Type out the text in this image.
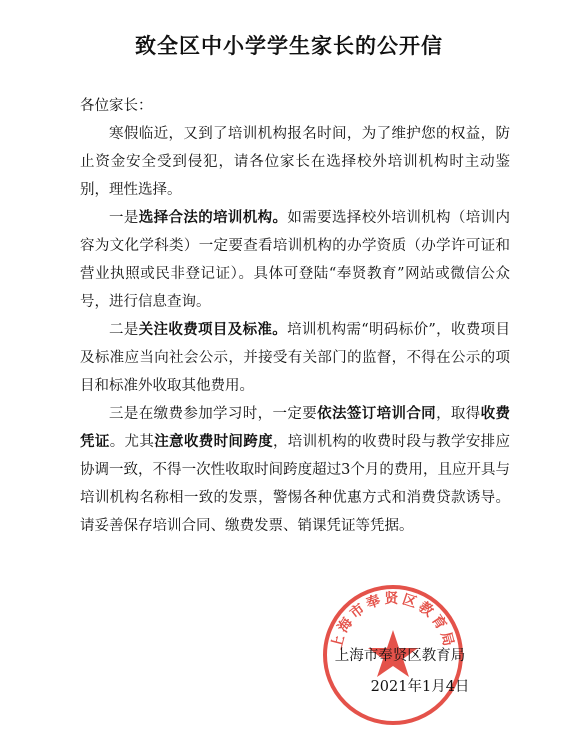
致全区中小学学生家长的公开信

各位家长：

寒假临近，又到了培训机构报名时间，为了维护您的权益，防止资金安全受到侵犯，请各位家长在选择校外培训机构时主动鉴别，理性选择。

一是选择合法的培训机构。如需要选择校外培训机构（培训内容为文化学科类）一定要查看培训机构的办学资质（办学许可证和营业执照或民非登记证）。具体可登陆“奉贤教育”网站或微信公众号，进行信息查询。

二是关注收费项目及标准。培训机构需“明码标价”，收费项目及标准应当向社会公示，并接受有关部门的监督，不得在公示的项目和标准外收取其他费用。

三是在缴费参加学习时，一定要依法签订培训合同，取得收费凭证。尤其注意收费时间跨度，培训机构的收费时段与教学安排应协调一致，不得一次性收取时间跨度超过3个月的费用，且应开具与培训机构名称相一致的发票，警惕各种优惠方式和消费贷款诱导。请妥善保存培训合同、缴费发票、销课凭证等凭据。

上海市奉贤区教育局
上海市奉贤区教育局
2021年1月4日
